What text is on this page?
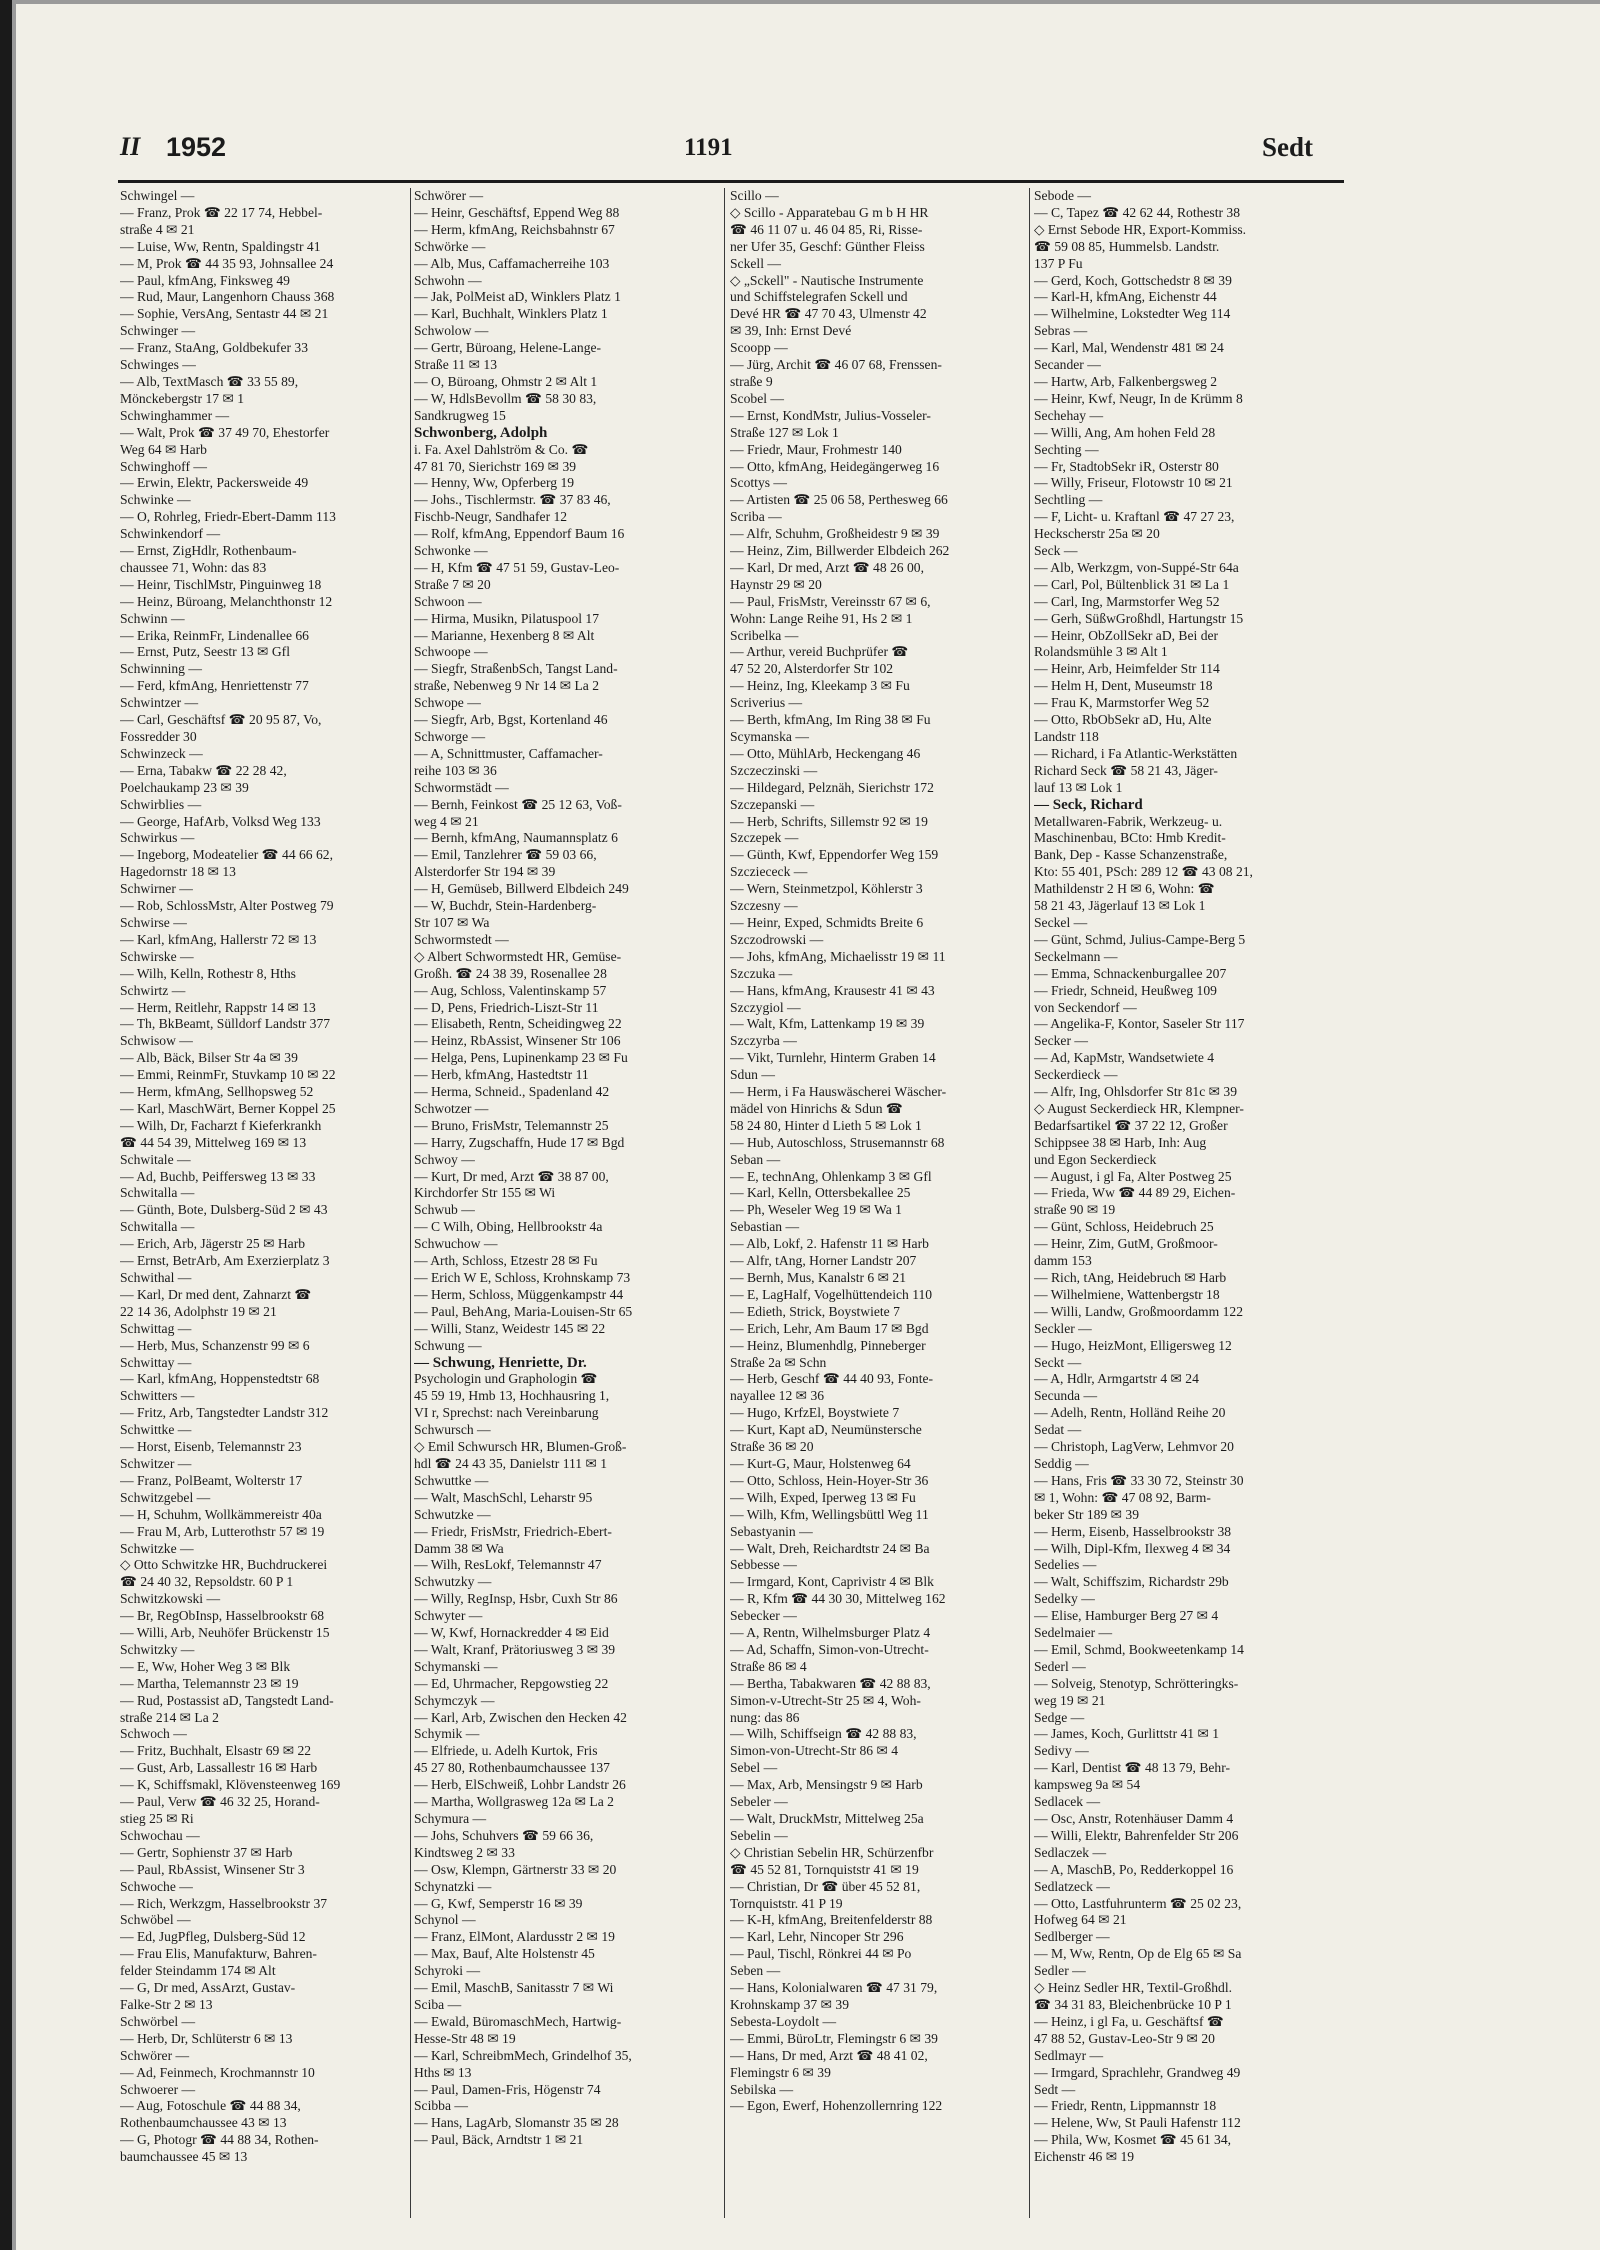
II 1952	1191	Sedt
Schwingel —
— Franz, Prok ☎ 22 17 74, Hebbel-
straße 4 ✉ 21
— Luise, Ww, Rentn, Spaldingstr 41
— M, Prok ☎ 44 35 93, Johnsallee 24
— Paul, kfmAng, Finksweg 49
— Rud, Maur, Langenhorn Chauss 368
— Sophie, VersAng, Sentastr 44 ✉ 21
Schwinger —
— Franz, StaAng, Goldbekufer 33
Schwinges —
— Alb, TextMasch ☎ 33 55 89,
Mönckebergstr 17 ✉ 1
Schwinghammer —
— Walt, Prok ☎ 37 49 70, Ehestorfer
Weg 64 ✉ Harb
Schwinghoff —
— Erwin, Elektr, Packersweide 49
Schwinke —
— O, Rohrleg, Friedr-Ebert-Damm 113
Schwinkendorf —
— Ernst, ZigHdlr, Rothenbaum-
chaussee 71, Wohn: das 83
— Heinr, TischlMstr, Pinguinweg 18
— Heinz, Büroang, Melanchthonstr 12
Schwinn —
— Erika, ReinmFr, Lindenallee 66
— Ernst, Putz, Seestr 13 ✉ Gfl
Schwinning —
— Ferd, kfmAng, Henriettenstr 77
Schwintzer —
— Carl, Geschäftsf ☎ 20 95 87, Vo,
Fossredder 30
Schwinzeck —
— Erna, Tabakw ☎ 22 28 42,
Poelchaukamp 23 ✉ 39
Schwirblies —
— George, HafArb, Volksd Weg 133
Schwirkus —
— Ingeborg, Modeatelier ☎ 44 66 62,
Hagedornstr 18 ✉ 13
Schwirner —
— Rob, SchlossMstr, Alter Postweg 79
Schwirse —
— Karl, kfmAng, Hallerstr 72 ✉ 13
Schwirske —
— Wilh, Kelln, Rothestr 8, Hths
Schwirtz —
— Herm, Reitlehr, Rappstr 14 ✉ 13
— Th, BkBeamt, Sülldorf Landstr 377
Schwisow —
— Alb, Bäck, Bilser Str 4a ✉ 39
— Emmi, ReinmFr, Stuvkamp 10 ✉ 22
— Herm, kfmAng, Sellhopsweg 52
— Karl, MaschWärt, Berner Koppel 25
— Wilh, Dr, Facharzt f Kieferkrankh
☎ 44 54 39, Mittelweg 169 ✉ 13
Schwitale —
— Ad, Buchb, Peiffersweg 13 ✉ 33
Schwitalla —
— Günth, Bote, Dulsberg-Süd 2 ✉ 43
Schwitalla —
— Erich, Arb, Jägerstr 25 ✉ Harb
— Ernst, BetrArb, Am Exerzierplatz 3
Schwithal —
— Karl, Dr med dent, Zahnarzt ☎
22 14 36, Adolphstr 19 ✉ 21
Schwittag —
— Herb, Mus, Schanzenstr 99 ✉ 6
Schwittay —
— Karl, kfmAng, Hoppenstedtstr 68
Schwitters —
— Fritz, Arb, Tangstedter Landstr 312
Schwittke —
— Horst, Eisenb, Telemannstr 23
Schwitzer —
— Franz, PolBeamt, Wolterstr 17
Schwitzgebel —
— H, Schuhm, Wollkämmereistr 40a
— Frau M, Arb, Lutterothstr 57 ✉ 19
Schwitzke —
◇ Otto Schwitzke HR, Buchdruckerei
☎ 24 40 32, Repsoldstr. 60 P 1
Schwitzkowski —
— Br, RegObInsp, Hasselbrookstr 68
— Willi, Arb, Neuhöfer Brückenstr 15
Schwitzky —
— E, Ww, Hoher Weg 3 ✉ Blk
— Martha, Telemannstr 23 ✉ 19
— Rud, Postassist aD, Tangstedt Land-
straße 214 ✉ La 2
Schwoch —
— Fritz, Buchhalt, Elsastr 69 ✉ 22
— Gust, Arb, Lassallestr 16 ✉ Harb
— K, Schiffsmakl, Klövensteenweg 169
— Paul, Verw ☎ 46 32 25, Horand-
stieg 25 ✉ Ri
Schwochau —
— Gertr, Sophienstr 37 ✉ Harb
— Paul, RbAssist, Winsener Str 3
Schwoche —
— Rich, Werkzgm, Hasselbrookstr 37
Schwöbel —
— Ed, JugPfleg, Dulsberg-Süd 12
— Frau Elis, Manufakturw, Bahren-
felder Steindamm 174 ✉ Alt
— G, Dr med, AssArzt, Gustav-
Falke-Str 2 ✉ 13
Schwörbel —
— Herb, Dr, Schlüterstr 6 ✉ 13
Schwörer —
— Ad, Feinmech, Krochmannstr 10
Schwoerer —
— Aug, Fotoschule ☎ 44 88 34,
Rothenbaumchaussee 43 ✉ 13
— G, Photogr ☎ 44 88 34, Rothen-
baumchaussee 45 ✉ 13
Schwörer —
— Heinr, Geschäftsf, Eppend Weg 88
— Herm, kfmAng, Reichsbahnstr 67
Schwörke —
— Alb, Mus, Caffamacherreihe 103
Schwohn —
— Jak, PolMeist aD, Winklers Platz 1
— Karl, Buchhalt, Winklers Platz 1
Schwolow —
— Gertr, Büroang, Helene-Lange-
Straße 11 ✉ 13
— O, Büroang, Ohmstr 2 ✉ Alt 1
— W, HdlsBevollm ☎ 58 30 83,
Sandkrugweg 15
Schwonberg, Adolph
i. Fa. Axel Dahlström & Co. ☎
47 81 70, Sierichstr 169 ✉ 39
— Henny, Ww, Opferberg 19
— Johs., Tischlermstr. ☎ 37 83 46,
Fischb-Neugr, Sandhafer 12
— Rolf, kfmAng, Eppendorf Baum 16
Schwonke —
— H, Kfm ☎ 47 51 59, Gustav-Leo-
Straße 7 ✉ 20
Schwoon —
— Hirma, Musikn, Pilatuspool 17
— Marianne, Hexenberg 8 ✉ Alt
Schwoope —
— Siegfr, StraßenbSch, Tangst Land-
straße, Nebenweg 9 Nr 14 ✉ La 2
Schwope —
— Siegfr, Arb, Bgst, Kortenland 46
Schworge —
— A, Schnittmuster, Caffamacher-
reihe 103 ✉ 36
Schwormstädt —
— Bernh, Feinkost ☎ 25 12 63, Voß-
weg 4 ✉ 21
— Bernh, kfmAng, Naumannsplatz 6
— Emil, Tanzlehrer ☎ 59 03 66,
Alsterdorfer Str 194 ✉ 39
— H, Gemüseb, Billwerd Elbdeich 249
— W, Buchdr, Stein-Hardenberg-
Str 107 ✉ Wa
Schwormstedt —
◇ Albert Schwormstedt HR, Gemüse-
Großh. ☎ 24 38 39, Rosenallee 28
— Aug, Schloss, Valentinskamp 57
— D, Pens, Friedrich-Liszt-Str 11
— Elisabeth, Rentn, Scheidingweg 22
— Heinz, RbAssist, Winsener Str 106
— Helga, Pens, Lupinenkamp 23 ✉ Fu
— Herb, kfmAng, Hastedtstr 11
— Herma, Schneid., Spadenland 42
Schwotzer —
— Bruno, FrisMstr, Telemannstr 25
— Harry, Zugschaffn, Hude 17 ✉ Bgd
Schwoy —
— Kurt, Dr med, Arzt ☎ 38 87 00,
Kirchdorfer Str 155 ✉ Wi
Schwub —
— C Wilh, Obing, Hellbrookstr 4a
Schwuchow —
— Arth, Schloss, Etzestr 28 ✉ Fu
— Erich W E, Schloss, Krohnskamp 73
— Herm, Schloss, Müggenkampstr 44
— Paul, BehAng, Maria-Louisen-Str 65
— Willi, Stanz, Weidestr 145 ✉ 22
Schwung —
— Schwung, Henriette, Dr.
Psychologin und Graphologin ☎
45 59 19, Hmb 13, Hochhausring 1,
VI r, Sprechst: nach Vereinbarung
Schwursch —
◇ Emil Schwursch HR, Blumen-Groß-
hdl ☎ 24 43 35, Danielstr 111 ✉ 1
Schwuttke —
— Walt, MaschSchl, Leharstr 95
Schwutzke —
— Friedr, FrisMstr, Friedrich-Ebert-
Damm 38 ✉ Wa
— Wilh, ResLokf, Telemannstr 47
Schwutzky —
— Willy, RegInsp, Hsbr, Cuxh Str 86
Schwyter —
— W, Kwf, Hornackredder 4 ✉ Eid
— Walt, Kranf, Prätoriusweg 3 ✉ 39
Schymanski —
— Ed, Uhrmacher, Repgowstieg 22
Schymczyk —
— Karl, Arb, Zwischen den Hecken 42
Schymik —
— Elfriede, u. Adelh Kurtok, Fris
45 27 80, Rothenbaumchaussee 137
— Herb, ElSchweiß, Lohbr Landstr 26
— Martha, Wollgrasweg 12a ✉ La 2
Schymura —
— Johs, Schuhvers ☎ 59 66 36,
Kindtsweg 2 ✉ 33
— Osw, Klempn, Gärtnerstr 33 ✉ 20
Schynatzki —
— G, Kwf, Semperstr 16 ✉ 39
Schynol —
— Franz, ElMont, Alardusstr 2 ✉ 19
— Max, Bauf, Alte Holstenstr 45
Schyroki —
— Emil, MaschB, Sanitasstr 7 ✉ Wi
Sciba —
— Ewald, BüromaschMech, Hartwig-
Hesse-Str 48 ✉ 19
— Karl, SchreibmMech, Grindelhof 35,
Hths ✉ 13
— Paul, Damen-Fris, Högenstr 74
Scibba —
— Hans, LagArb, Slomanstr 35 ✉ 28
— Paul, Bäck, Arndtstr 1 ✉ 21
Scillo —
◇ Scillo - Apparatebau G m b H HR
☎ 46 11 07 u. 46 04 85, Ri, Risse-
ner Ufer 35, Geschf: Günther Fleiss
Sckell —
◇ „Sckell" - Nautische Instrumente
und Schiffstelegrafen Sckell und
Devé HR ☎ 47 70 43, Ulmenstr 42
✉ 39, Inh: Ernst Devé
Scoopp —
— Jürg, Archit ☎ 46 07 68, Frenssen-
straße 9
Scobel —
— Ernst, KondMstr, Julius-Vosseler-
Straße 127 ✉ Lok 1
— Friedr, Maur, Frohmestr 140
— Otto, kfmAng, Heidegängerweg 16
Scottys —
— Artisten ☎ 25 06 58, Perthesweg 66
Scriba —
— Alfr, Schuhm, Großheidestr 9 ✉ 39
— Heinz, Zim, Billwerder Elbdeich 262
— Karl, Dr med, Arzt ☎ 48 26 00,
Haynstr 29 ✉ 20
— Paul, FrisMstr, Vereinsstr 67 ✉ 6,
Wohn: Lange Reihe 91, Hs 2 ✉ 1
Scribelka —
— Arthur, vereid Buchprüfer ☎
47 52 20, Alsterdorfer Str 102
— Heinz, Ing, Kleekamp 3 ✉ Fu
Scriverius —
— Berth, kfmAng, Im Ring 38 ✉ Fu
Scymanska —
— Otto, MühlArb, Heckengang 46
Szczeczinski —
— Hildegard, Pelznäh, Sierichstr 172
Szczepanski —
— Herb, Schrifts, Sillemstr 92 ✉ 19
Szczepek —
— Günth, Kwf, Eppendorfer Weg 159
Szcziececk —
— Wern, Steinmetzpol, Köhlerstr 3
Szczesny —
— Heinr, Exped, Schmidts Breite 6
Szczodrowski —
— Johs, kfmAng, Michaelisstr 19 ✉ 11
Szczuka —
— Hans, kfmAng, Krausestr 41 ✉ 43
Szczygiol —
— Walt, Kfm, Lattenkamp 19 ✉ 39
Szczyrba —
— Vikt, Turnlehr, Hinterm Graben 14
Sdun —
— Herm, i Fa Hauswäscherei Wäscher-
mädel von Hinrichs & Sdun ☎
58 24 80, Hinter d Lieth 5 ✉ Lok 1
— Hub, Autoschloss, Strusemannstr 68
Seban —
— E, technAng, Ohlenkamp 3 ✉ Gfl
— Karl, Kelln, Ottersbekallee 25
— Ph, Weseler Weg 19 ✉ Wa 1
Sebastian —
— Alb, Lokf, 2. Hafenstr 11 ✉ Harb
— Alfr, tAng, Horner Landstr 207
— Bernh, Mus, Kanalstr 6 ✉ 21
— E, LagHalf, Vogelhüttendeich 110
— Edieth, Strick, Boystwiete 7
— Erich, Lehr, Am Baum 17 ✉ Bgd
— Heinz, Blumenhdlg, Pinneberger
Straße 2a ✉ Schn
— Herb, Geschf ☎ 44 40 93, Fonte-
nayallee 12 ✉ 36
— Hugo, KrfzEl, Boystwiete 7
— Kurt, Kapt aD, Neumünstersche
Straße 36 ✉ 20
— Kurt-G, Maur, Holstenweg 64
— Otto, Schloss, Hein-Hoyer-Str 36
— Wilh, Exped, Iperweg 13 ✉ Fu
— Wilh, Kfm, Wellingsbüttl Weg 11
Sebastyanin —
— Walt, Dreh, Reichardtstr 24 ✉ Ba
Sebbesse —
— Irmgard, Kont, Caprivistr 4 ✉ Blk
— R, Kfm ☎ 44 30 30, Mittelweg 162
Sebecker —
— A, Rentn, Wilhelmsburger Platz 4
— Ad, Schaffn, Simon-von-Utrecht-
Straße 86 ✉ 4
— Bertha, Tabakwaren ☎ 42 88 83,
Simon-v-Utrecht-Str 25 ✉ 4, Woh-
nung: das 86
— Wilh, Schiffseign ☎ 42 88 83,
Simon-von-Utrecht-Str 86 ✉ 4
Sebel —
— Max, Arb, Mensingstr 9 ✉ Harb
Sebeler —
— Walt, DruckMstr, Mittelweg 25a
Sebelin —
◇ Christian Sebelin HR, Schürzenfbr
☎ 45 52 81, Tornquiststr 41 ✉ 19
— Christian, Dr ☎ über 45 52 81,
Tornquiststr. 41 P 19
— K-H, kfmAng, Breitenfelderstr 88
— Karl, Lehr, Nincoper Str 296
— Paul, Tischl, Rönkrei 44 ✉ Po
Seben —
— Hans, Kolonialwaren ☎ 47 31 79,
Krohnskamp 37 ✉ 39
Sebesta-Loydolt —
— Emmi, BüroLtr, Flemingstr 6 ✉ 39
— Hans, Dr med, Arzt ☎ 48 41 02,
Flemingstr 6 ✉ 39
Sebilska —
— Egon, Ewerf, Hohenzollernring 122
Sebode —
— C, Tapez ☎ 42 62 44, Rothestr 38
◇ Ernst Sebode HR, Export-Kommiss.
☎ 59 08 85, Hummelsb. Landstr.
137 P Fu
— Gerd, Koch, Gottschedstr 8 ✉ 39
— Karl-H, kfmAng, Eichenstr 44
— Wilhelmine, Lokstedter Weg 114
Sebras —
— Karl, Mal, Wendenstr 481 ✉ 24
Secander —
— Hartw, Arb, Falkenbergsweg 2
— Heinr, Kwf, Neugr, In de Krümm 8
Sechehay —
— Willi, Ang, Am hohen Feld 28
Sechting —
— Fr, StadtobSekr iR, Osterstr 80
— Willy, Friseur, Flotowstr 10 ✉ 21
Sechtling —
— F, Licht- u. Kraftanl ☎ 47 27 23,
Heckscherstr 25a ✉ 20
Seck —
— Alb, Werkzgm, von-Suppé-Str 64a
— Carl, Pol, Bültenblick 31 ✉ La 1
— Carl, Ing, Marmstorfer Weg 52
— Gerh, SüßwGroßhdl, Hartungstr 15
— Heinr, ObZollSekr aD, Bei der
Rolandsmühle 3 ✉ Alt 1
— Heinr, Arb, Heimfelder Str 114
— Helm H, Dent, Museumstr 18
— Frau K, Marmstorfer Weg 52
— Otto, RbObSekr aD, Hu, Alte
Landstr 118
— Richard, i Fa Atlantic-Werkstätten
Richard Seck ☎ 58 21 43, Jäger-
lauf 13 ✉ Lok 1
— Seck, Richard
Metallwaren-Fabrik, Werkzeug- u.
Maschinenbau, BCto: Hmb Kredit-
Bank, Dep - Kasse Schanzenstraße,
Kto: 55 401, PSch: 289 12 ☎ 43 08 21,
Mathildenstr 2 H ✉ 6, Wohn: ☎
58 21 43, Jägerlauf 13 ✉ Lok 1
Seckel —
— Günt, Schmd, Julius-Campe-Berg 5
Seckelmann —
— Emma, Schnackenburgallee 207
— Friedr, Schneid, Heußweg 109
von Seckendorf —
— Angelika-F, Kontor, Saseler Str 117
Secker —
— Ad, KapMstr, Wandsetwiete 4
Seckerdieck —
— Alfr, Ing, Ohlsdorfer Str 81c ✉ 39
◇ August Seckerdieck HR, Klempner-
Bedarfsartikel ☎ 37 22 12, Großer
Schippsee 38 ✉ Harb, Inh: Aug
und Egon Seckerdieck
— August, i gl Fa, Alter Postweg 25
— Frieda, Ww ☎ 44 89 29, Eichen-
straße 90 ✉ 19
— Günt, Schloss, Heidebruch 25
— Heinr, Zim, GutM, Großmoor-
damm 153
— Rich, tAng, Heidebruch ✉ Harb
— Wilhelmiene, Wattenbergstr 18
— Willi, Landw, Großmoordamm 122
Seckler —
— Hugo, HeizMont, Elligersweg 12
Seckt —
— A, Hdlr, Armgartstr 4 ✉ 24
Secunda —
— Adelh, Rentn, Holländ Reihe 20
Sedat —
— Christoph, LagVerw, Lehmvor 20
Seddig —
— Hans, Fris ☎ 33 30 72, Steinstr 30
✉ 1, Wohn: ☎ 47 08 92, Barm-
beker Str 189 ✉ 39
— Herm, Eisenb, Hasselbrookstr 38
— Wilh, Dipl-Kfm, Ilexweg 4 ✉ 34
Sedelies —
— Walt, Schiffszim, Richardstr 29b
Sedelky —
— Elise, Hamburger Berg 27 ✉ 4
Sedelmaier —
— Emil, Schmd, Bookweetenkamp 14
Sederl —
— Solveig, Stenotyp, Schrötteringks-
weg 19 ✉ 21
Sedge —
— James, Koch, Gurlittstr 41 ✉ 1
Sedivy —
— Karl, Dentist ☎ 48 13 79, Behr-
kampsweg 9a ✉ 54
Sedlacek —
— Osc, Anstr, Rotenhäuser Damm 4
— Willi, Elektr, Bahrenfelder Str 206
Sedlaczek —
— A, MaschB, Po, Redderkoppel 16
Sedlatzeck —
— Otto, Lastfuhrunterm ☎ 25 02 23,
Hofweg 64 ✉ 21
Sedlberger —
— M, Ww, Rentn, Op de Elg 65 ✉ Sa
Sedler —
◇ Heinz Sedler HR, Textil-Großhdl.
☎ 34 31 83, Bleichenbrücke 10 P 1
— Heinz, i gl Fa, u. Geschäftsf ☎
47 88 52, Gustav-Leo-Str 9 ✉ 20
Sedlmayr —
— Irmgard, Sprachlehr, Grandweg 49
Sedt —
— Friedr, Rentn, Lippmannstr 18
— Helene, Ww, St Pauli Hafenstr 112
— Phila, Ww, Kosmet ☎ 45 61 34,
Eichenstr 46 ✉ 19
